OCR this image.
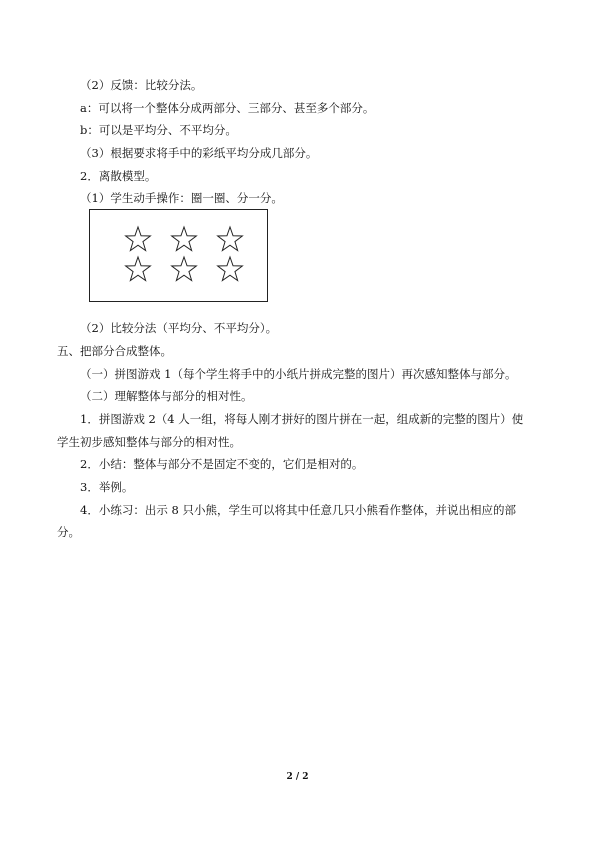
（2）反馈：比较分法。
a：可以将一个整体分成两部分、三部分、甚至多个部分。
b：可以是平均分、不平均分。
（3）根据要求将手中的彩纸平均分成几部分。
2．离散模型。
（1）学生动手操作：圈一圈、分一分。
（2）比较分法（平均分、不平均分）。
五、把部分合成整体。
（一）拼图游戏 1（每个学生将手中的小纸片拼成完整的图片）再次感知整体与部分。
（二）理解整体与部分的相对性。
1．拼图游戏 2（4 人一组，将每人刚才拼好的图片拼在一起，组成新的完整的图片）使
学生初步感知整体与部分的相对性。
2．小结：整体与部分不是固定不变的，它们是相对的。
3．举例。
4．小练习：出示 8 只小熊，学生可以将其中任意几只小熊看作整体，并说出相应的部
分。
2 / 2
